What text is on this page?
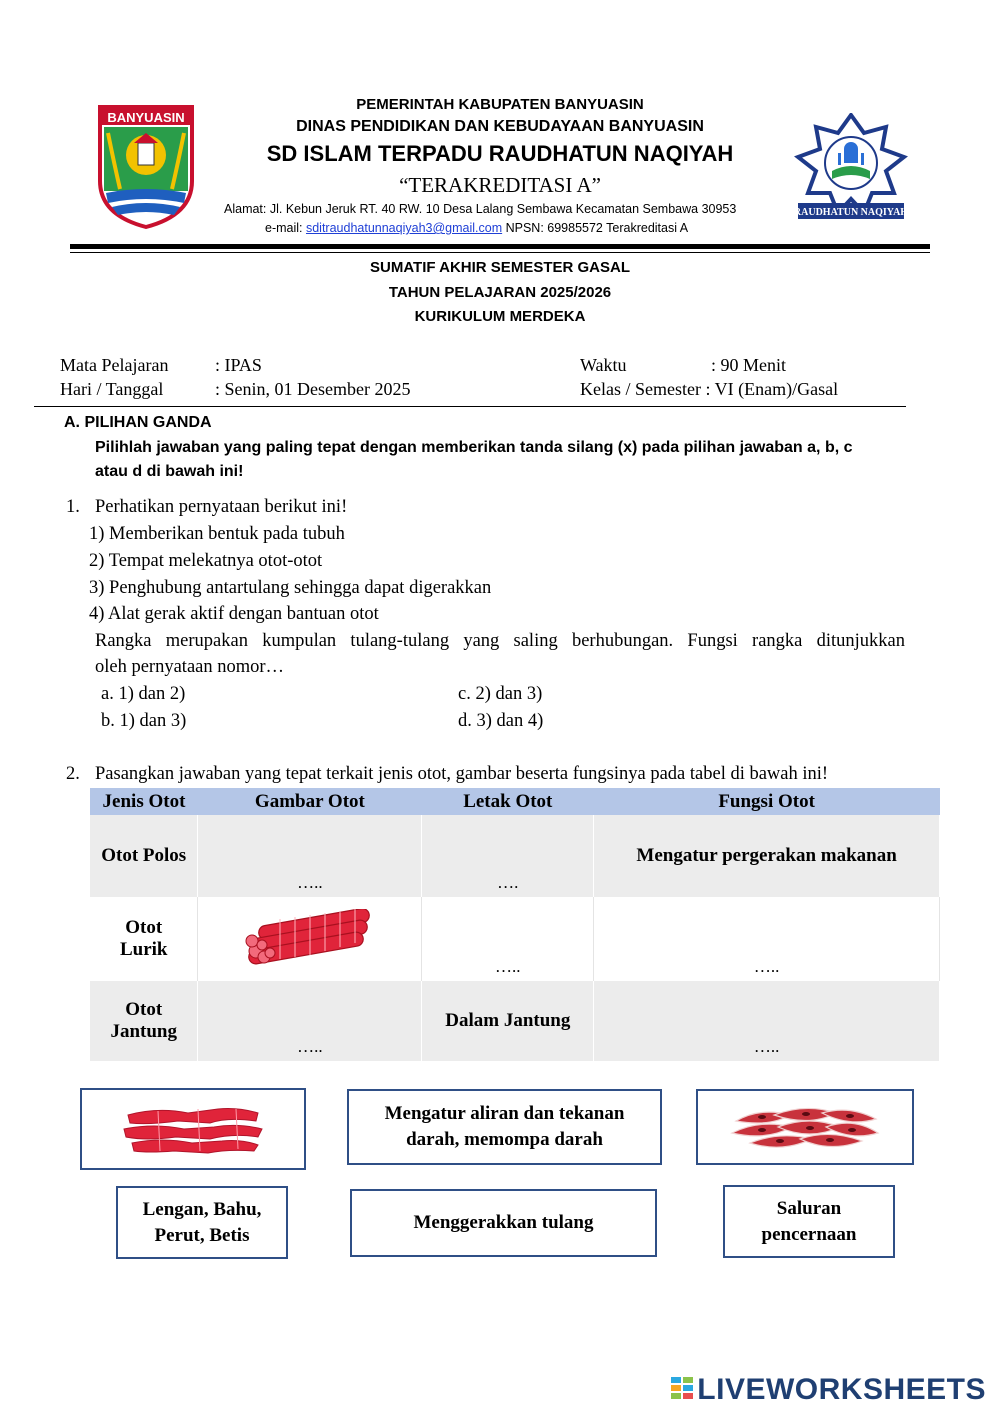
BANYUASIN
PEMERINTAH KABUPATEN BANYUASIN
DINAS PENDIDIKAN DAN KEBUDAYAAN BANYUASIN
SD ISLAM TERPADU RAUDHATUN NAQIYAH
“TERAKREDITASI A”
Alamat: Jl. Kebun Jeruk RT. 40 RW. 10 Desa Lalang Sembawa Kecamatan Sembawa 30953
e-mail: sditraudhatunnaqiyah3@gmail.com NPSN: 69985572 Terakreditasi A
RAUDHATUN NAQIYAH
SUMATIF AKHIR SEMESTER GASAL
TAHUN PELAJARAN 2025/2026
KURIKULUM MERDEKA
Mata Pelajaran	: IPAS
Hari / Tanggal	: Senin, 01 Desember 2025
Waktu	: 90 Menit
Kelas / Semester : VI (Enam)/Gasal
A. PILIHAN GANDA
Pilihlah jawaban yang paling tepat dengan memberikan tanda silang (x) pada pilihan jawaban a, b, c
atau d di bawah ini!
1. Perhatikan pernyataan berikut ini!
1) Memberikan bentuk pada tubuh
2) Tempat melekatnya otot-otot
3) Penghubung antartulang sehingga dapat digerakkan
4) Alat gerak aktif dengan bantuan otot
Rangka merupakan kumpulan tulang-tulang yang saling berhubungan. Fungsi rangka ditunjukkan
oleh pernyataan nomor…
a. 1) dan 2)
b. 1) dan 3)
c. 2) dan 3)
d. 3) dan 4)
2. Pasangkan jawaban yang tepat terkait jenis otot, gambar beserta fungsinya pada tabel di bawah ini!
Jenis Otot	Gambar Otot	Letak Otot	Fungsi Otot
Otot Polos	…..	….	Mengatur pergerakan makanan

Otot
Lurik		…..	…..

Otot
Jantung	…..	Dalam Jantung	…..
Mengatur aliran dan tekanan
darah, memompa darah
Lengan, Bahu,
Perut, Betis
Menggerakkan tulang
Saluran
pencernaan
LIVEWORKSHEETS
